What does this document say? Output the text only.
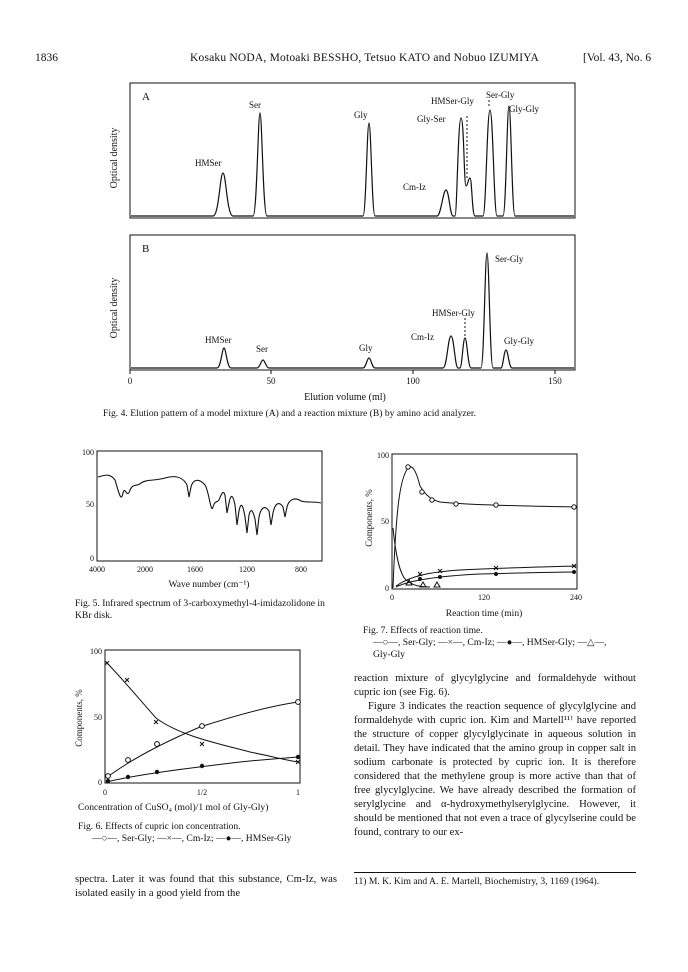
1836	Kosaku NODA, Motoaki BESSHO, Tetsuo KATO and Nobuo IZUMIYA	[Vol. 43, No. 6
A
Optical density	HMSer
Ser
Gly
HMSer-Gly
Gly-Ser
Ser-Gly
Gly-Gly
Cm-Iz
B
Optical density
HMSer
Ser	Gly
Cm-Iz
HMSer-Gly
Ser-Gly
Gly-Gly
0	50	100	150
Elution volume (ml)
Fig. 4. Elution pattern of a model mixture (A) and a reaction mixture (B) by amino acid analyzer.
100
50
0
4000	2000	1600	1200	800
Wave number (cm⁻¹)
Fig. 5. Infrared spectrum of 3-carboxymethyl-4-imidazolidone in KBr disk.
100
50
0
Components, %
0	1/2	1
Concentration of CuSO₄ (mol)/1 mol of Gly-Gly)
Fig. 6. Effects of cupric ion concentration.
—○—, Ser-Gly; —×—, Cm-Iz; —●—, HMSer-Gly
100
50
0
Components, %
0	120	240
Reaction time (min)
Fig. 7. Effects of reaction time.
—○—, Ser-Gly; —×—, Cm-Iz; —●—, HMSer-Gly; —△—, Gly-Gly
reaction mixture of glycylglycine and formaldehyde without cupric ion (see Fig. 6).
Figure 3 indicates the reaction sequence of glycylglycine and formaldehyde with cupric ion. Kim and Martell¹¹⁾ have reported the structure of copper glycylglycinate in aqueous solution in detail. They have indicated that the amino group in copper salt in sodium carbonate is protected by cupric ion. It is therefore considered that the methylene group is more active than that of free glycylglycine. We have already described the formation of serylglycine and α-hydroxymethylserylglycine. However, it should be mentioned that not even a trace of glycylserine could be found, contrary to our ex-
spectra. Later it was found that this substance, Cm-Iz, was isolated easily in a good yield from the
11) M. K. Kim and A. E. Martell, Biochemistry, 3, 1169 (1964).
